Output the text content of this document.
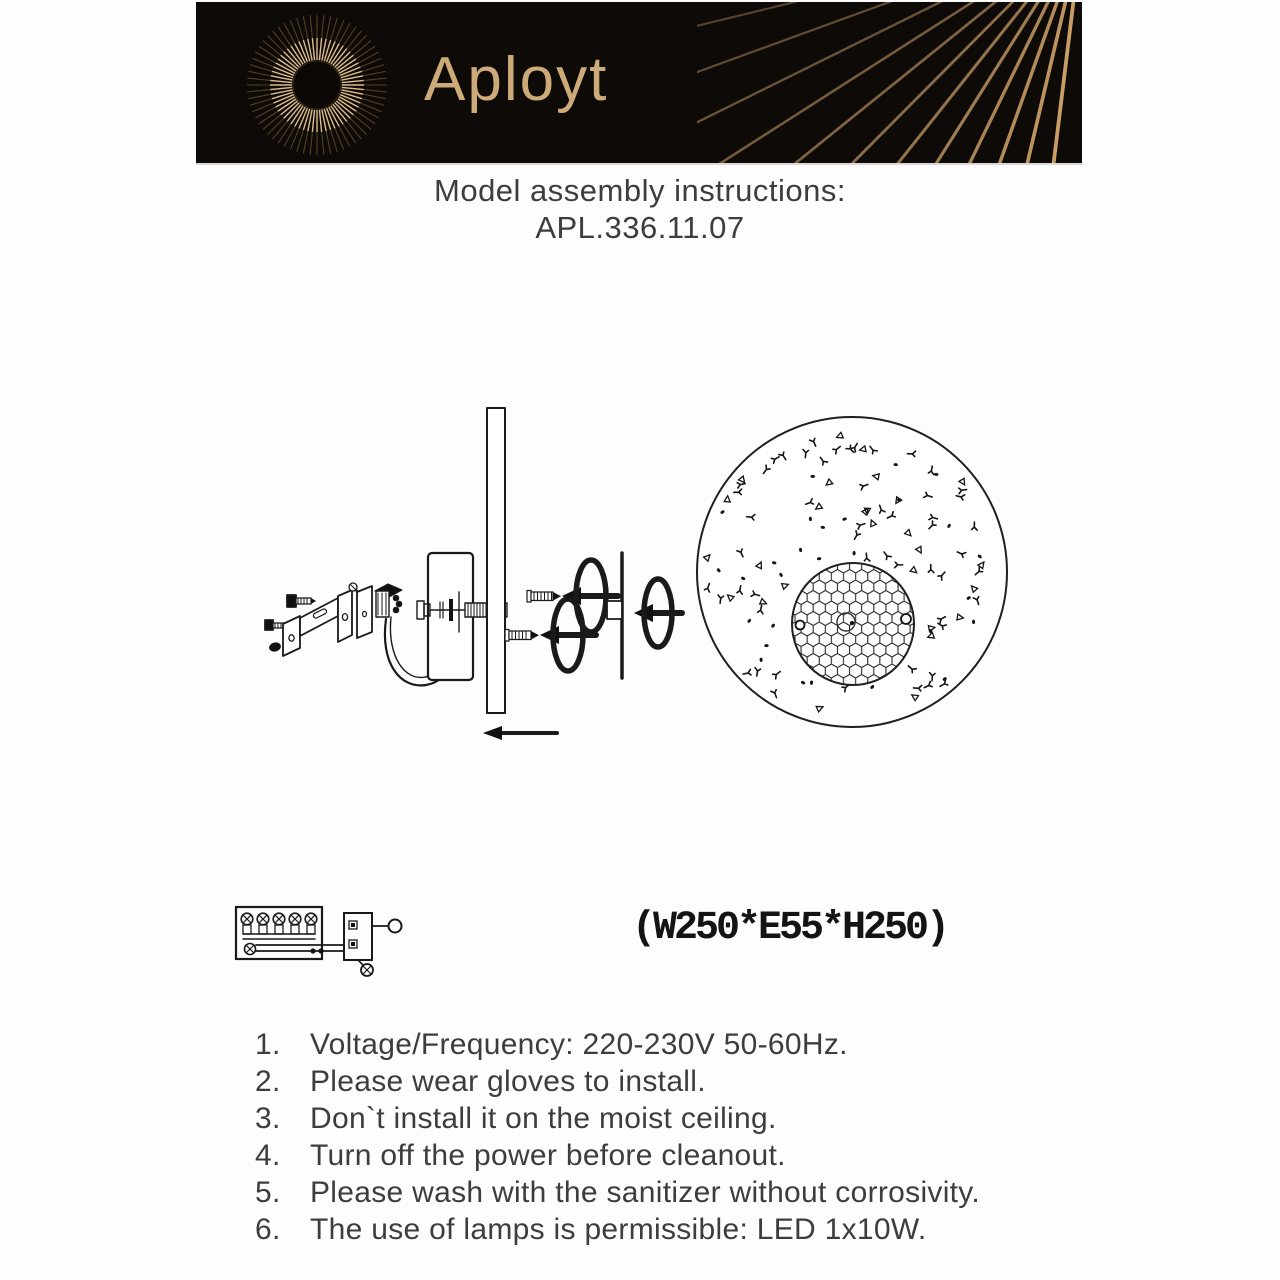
Aployt
Model assembly instructions:
APL.336.11.07
(W250*E55*H250)
1. Voltage/Frequency: 220-230V 50-60Hz.
2. Please wear gloves to install.
3. Don`t install it on the moist ceiling.
4. Turn off the power before cleanout.
5. Please wash with the sanitizer without corrosivity.
6. The use of lamps is permissible: LED 1x10W.
